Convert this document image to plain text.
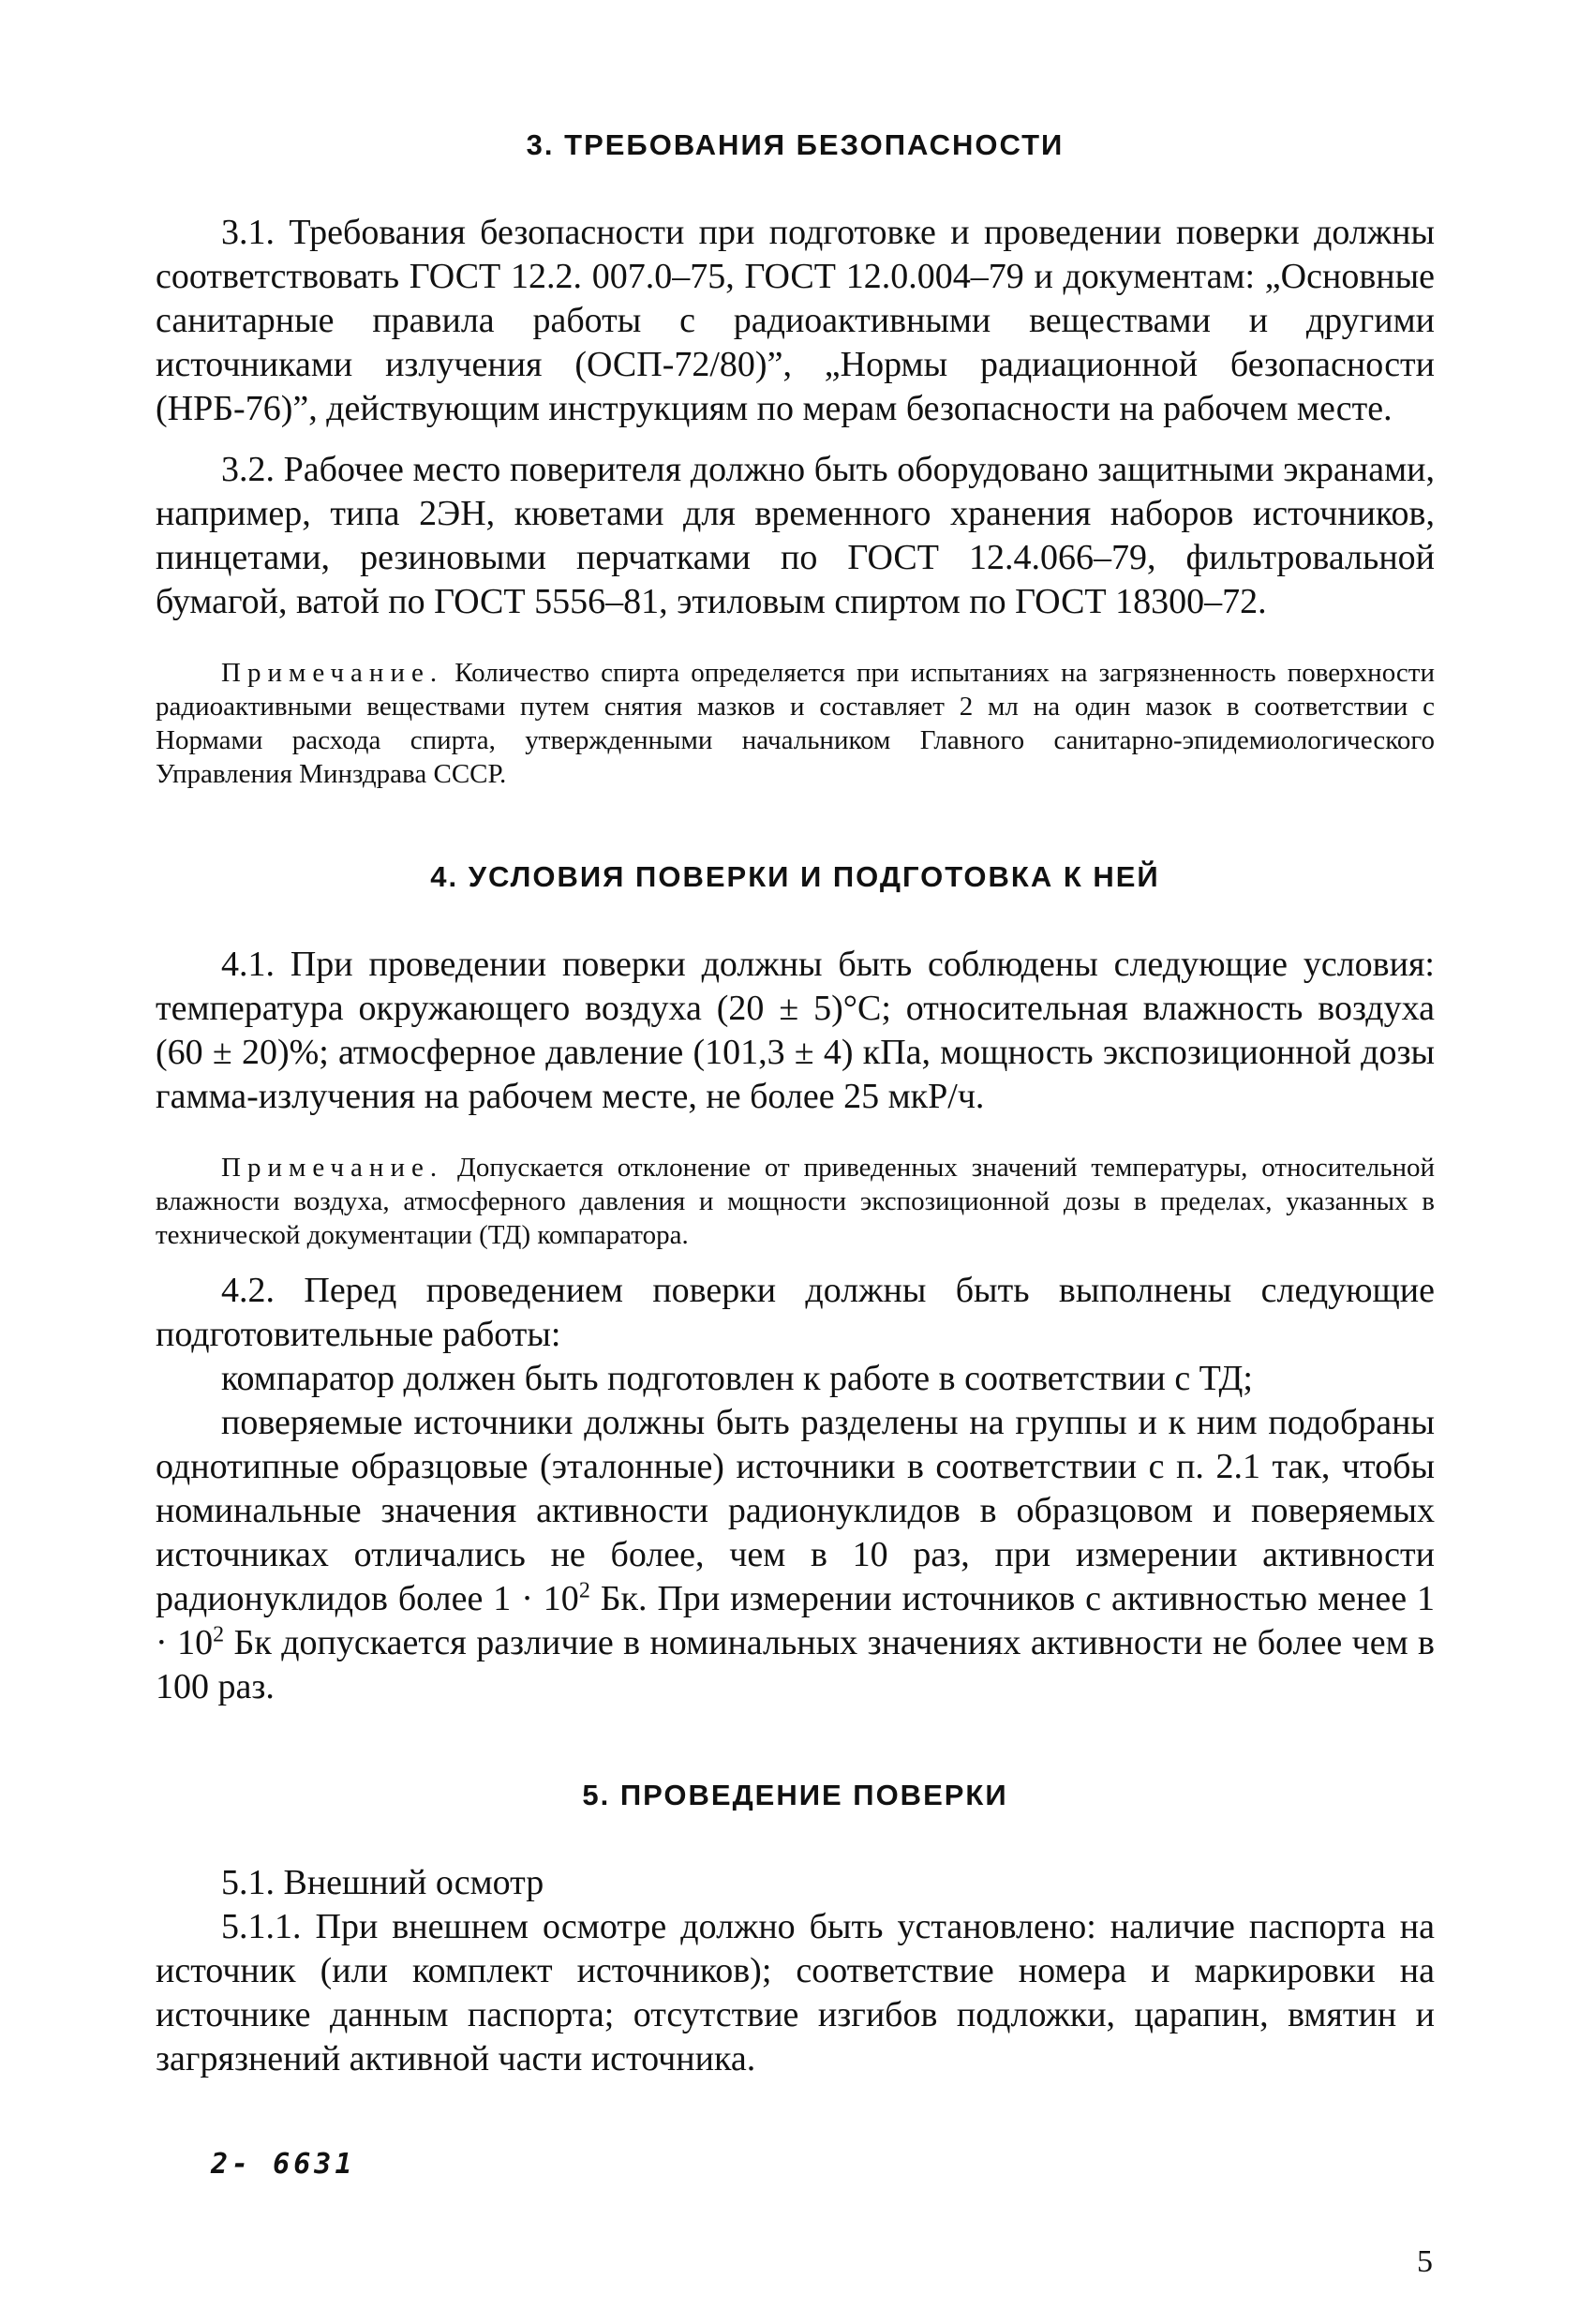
3. ТРЕБОВАНИЯ БЕЗОПАСНОСТИ

3.1. Требования безопасности при подготовке и проведении поверки должны соответствовать ГОСТ 12.2. 007.0–75, ГОСТ 12.0.004–79 и документам: „Основные санитарные правила работы с радиоактивными веществами и другими источниками излучения (ОСП-72/80)”, „Нормы радиационной безопасности (НРБ-76)”, действующим инструкциям по мерам безопасности на рабочем месте.

3.2. Рабочее место поверителя должно быть оборудовано защитными экранами, например, типа 2ЭН, кюветами для временного хранения наборов источников, пинцетами, резиновыми перчатками по ГОСТ 12.4.066–79, фильтровальной бумагой, ватой по ГОСТ 5556–81, этиловым спиртом по ГОСТ 18300–72.

Примечание. Количество спирта определяется при испытаниях на загрязненность поверхности радиоактивными веществами путем снятия мазков и составляет 2 мл на один мазок в соответствии с Нормами расхода спирта, утвержденными начальником Главного санитарно-эпидемиологического Управления Минздрава СССР.

4. УСЛОВИЯ ПОВЕРКИ И ПОДГОТОВКА К НЕЙ

4.1. При проведении поверки должны быть соблюдены следующие условия: температура окружающего воздуха (20 ± 5)°С; относительная влажность воздуха (60 ± 20)%; атмосферное давление (101,3 ± 4) кПа, мощность экспозиционной дозы гамма-излучения на рабочем месте, не более 25 мкР/ч.

Примечание. Допускается отклонение от приведенных значений температуры, относительной влажности воздуха, атмосферного давления и мощности экспозиционной дозы в пределах, указанных в технической документации (ТД) компаратора.

4.2. Перед проведением поверки должны быть выполнены следующие подготовительные работы:

компаратор должен быть подготовлен к работе в соответствии с ТД;

поверяемые источники должны быть разделены на группы и к ним подобраны однотипные образцовые (эталонные) источники в соответствии с п. 2.1 так, чтобы номинальные значения активности радионуклидов в образцовом и поверяемых источниках отличались не более, чем в 10 раз, при измерении активности радионуклидов более $1 \cdot 10^2$ Бк. При измерении источников с активностью менее $1 \cdot 10^2$ Бк допускается различие в номинальных значениях активности не более чем в 100 раз.

5. ПРОВЕДЕНИЕ ПОВЕРКИ

5.1. Внешний осмотр

5.1.1. При внешнем осмотре должно быть установлено: наличие паспорта на источник (или комплект источников); соответствие номера и маркировки на источнике данным паспорта; отсутствие изгибов подложки, царапин, вмятин и загрязнений активной части источника.

2- 6631
5
